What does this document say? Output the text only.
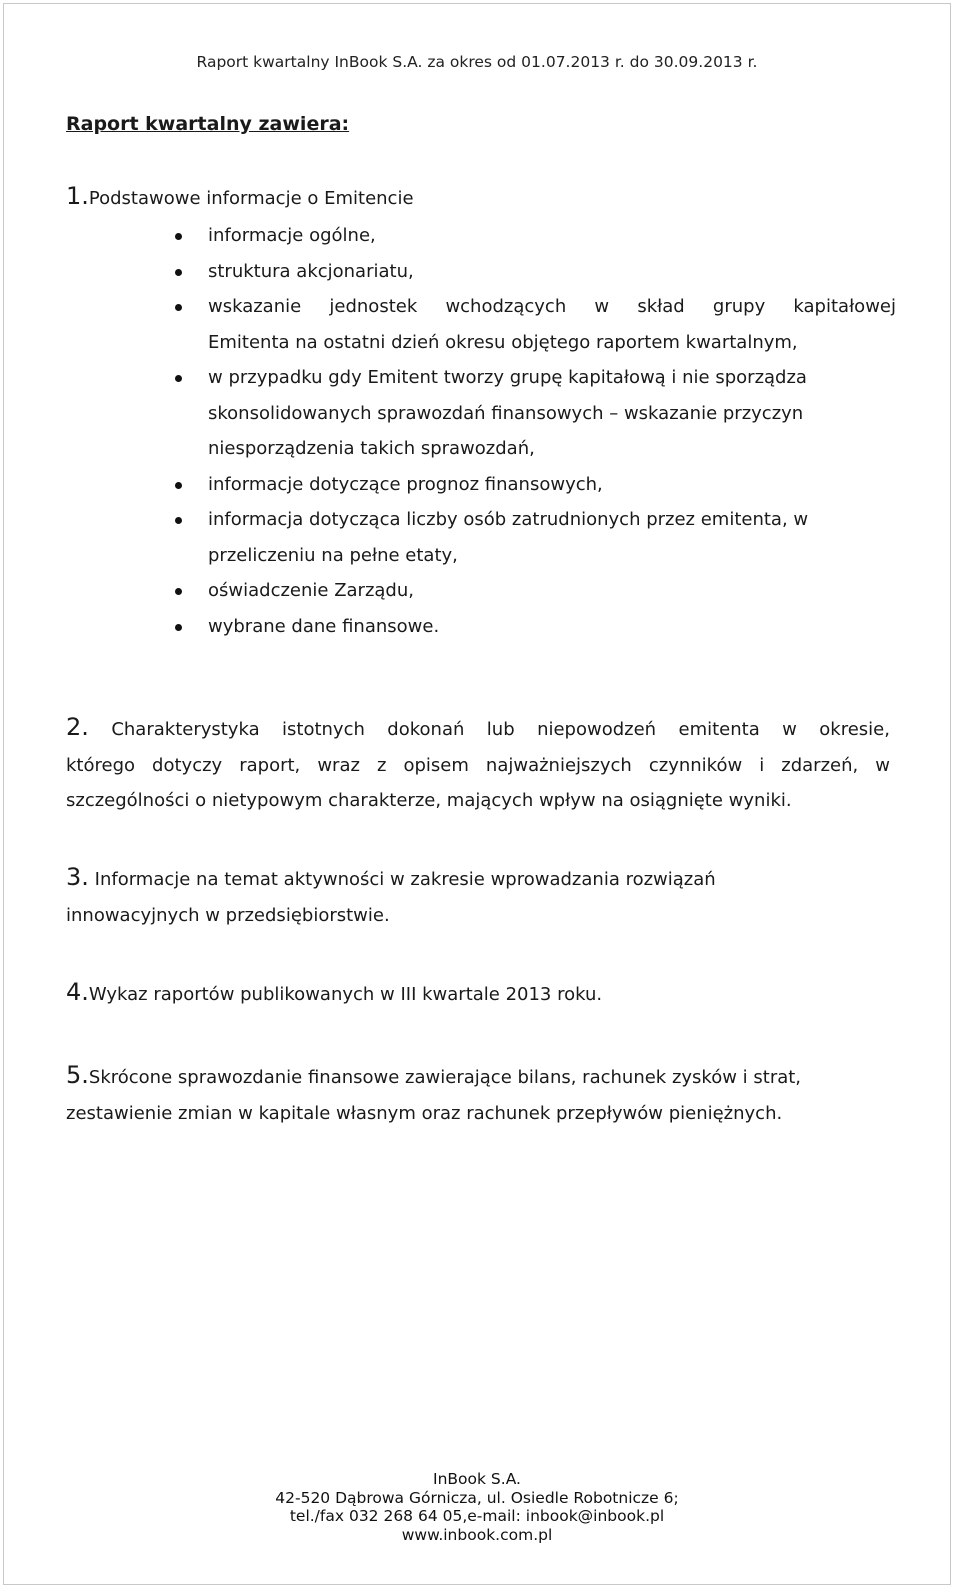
Raport kwartalny InBook S.A. za okres od 01.07.2013 r. do 30.09.2013 r.
Raport kwartalny zawiera:
1.Podstawowe informacje o Emitencie
informacje ogólne,
struktura akcjonariatu,
wskazanie jednostek wchodzących w skład grupy kapitałowej
Emitenta na ostatni dzień okresu objętego raportem kwartalnym,
w przypadku gdy Emitent tworzy grupę kapitałową i nie sporządza
skonsolidowanych sprawozdań finansowych – wskazanie przyczyn
niesporządzenia takich sprawozdań,
informacje dotyczące prognoz finansowych,
informacja dotycząca liczby osób zatrudnionych przez emitenta, w
przeliczeniu na pełne etaty,
oświadczenie Zarządu,
wybrane dane finansowe.
2. Charakterystyka istotnych dokonań lub niepowodzeń emitenta w okresie,
którego dotyczy raport, wraz z opisem najważniejszych czynników i zdarzeń, w
szczególności o nietypowym charakterze, mających wpływ na osiągnięte wyniki.
3. Informacje na temat aktywności w zakresie wprowadzania rozwiązań
innowacyjnych w przedsiębiorstwie.
4.Wykaz raportów publikowanych w III kwartale 2013 roku.
5.Skrócone sprawozdanie finansowe zawierające bilans, rachunek zysków i strat,
zestawienie zmian w kapitale własnym oraz rachunek przepływów pieniężnych.
InBook S.A.
42-520 Dąbrowa Górnicza, ul. Osiedle Robotnicze 6;
tel./fax 032 268 64 05,e-mail: inbook@inbook.pl
www.inbook.com.pl
